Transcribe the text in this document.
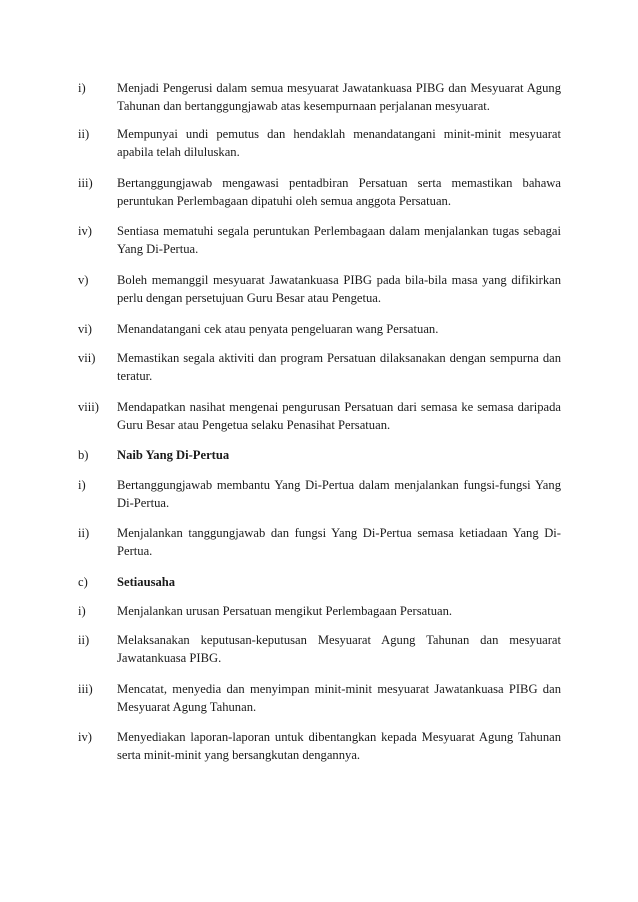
i)	Menjadi Pengerusi dalam semua mesyuarat Jawatankuasa PIBG dan Mesyuarat Agung Tahunan dan bertanggungjawab atas kesempurnaan perjalanan mesyuarat.
ii)	Mempunyai undi pemutus dan hendaklah menandatangani minit-minit mesyuarat apabila telah diluluskan.
iii)	Bertanggungjawab mengawasi pentadbiran Persatuan serta memastikan bahawa peruntukan Perlembagaan dipatuhi oleh semua anggota Persatuan.
iv)	Sentiasa mematuhi segala peruntukan Perlembagaan dalam menjalankan tugas sebagai Yang Di-Pertua.
v)	Boleh memanggil mesyuarat Jawatankuasa PIBG pada bila-bila masa yang difikirkan perlu dengan persetujuan Guru Besar atau Pengetua.
vi)	Menandatangani cek atau penyata pengeluaran wang Persatuan.
vii)	Memastikan segala aktiviti dan program Persatuan dilaksanakan dengan sempurna dan teratur.
viii)	Mendapatkan nasihat mengenai pengurusan Persatuan dari semasa ke semasa daripada Guru Besar atau Pengetua selaku Penasihat Persatuan.
b)	Naib Yang Di-Pertua
i)	Bertanggungjawab membantu Yang Di-Pertua dalam menjalankan fungsi-fungsi Yang Di-Pertua.
ii)	Menjalankan tanggungjawab dan fungsi Yang Di-Pertua semasa ketiadaan Yang Di-Pertua.
c)	Setiausaha
i)	Menjalankan urusan Persatuan mengikut Perlembagaan Persatuan.
ii)	Melaksanakan keputusan-keputusan Mesyuarat Agung Tahunan dan mesyuarat Jawatankuasa PIBG.
iii)	Mencatat, menyedia dan menyimpan minit-minit mesyuarat Jawatankuasa PIBG dan Mesyuarat Agung Tahunan.
iv)	Menyediakan laporan-laporan untuk dibentangkan kepada Mesyuarat Agung Tahunan serta minit-minit yang bersangkutan dengannya.
